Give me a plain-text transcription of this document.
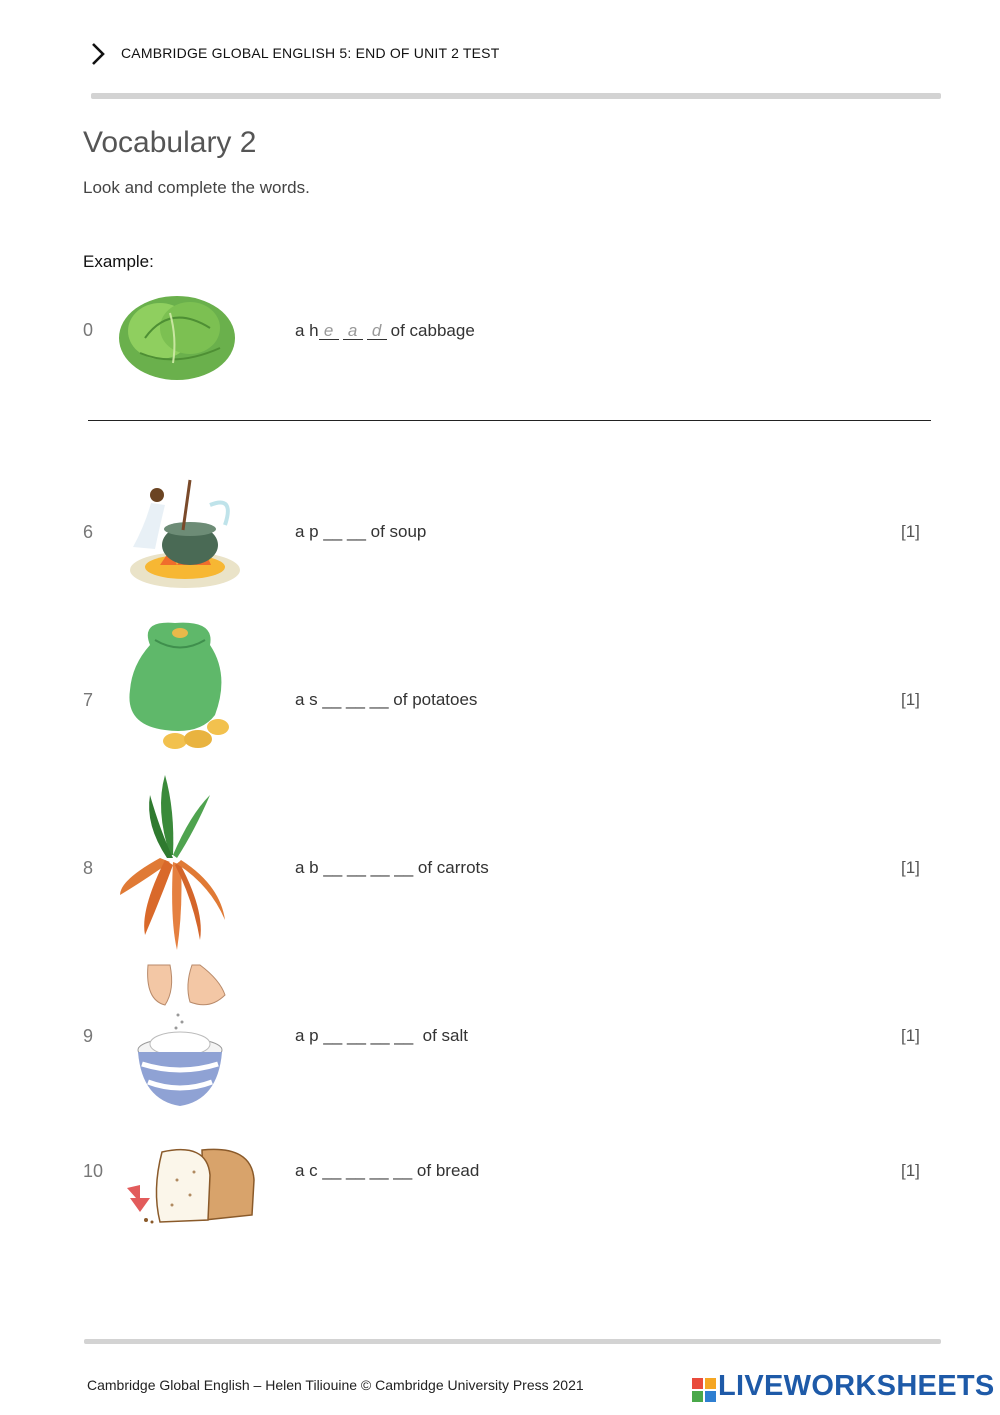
CAMBRIDGE GLOBAL ENGLISH 5: END OF UNIT 2 TEST
Vocabulary 2
Look and complete the words.
Example:
0	a h e a d of cabbage
6	a p __ __ of soup	[1]
7	a s __ __ __ of potatoes	[1]
8	a b __ __ __ __ of carrots	[1]
9	a p __ __ __ __  of salt	[1]
10	a c __ __ __ __ of bread	[1]
Cambridge Global English – Helen Tiliouine © Cambridge University Press 2021	LIVEWORKSHEETS
